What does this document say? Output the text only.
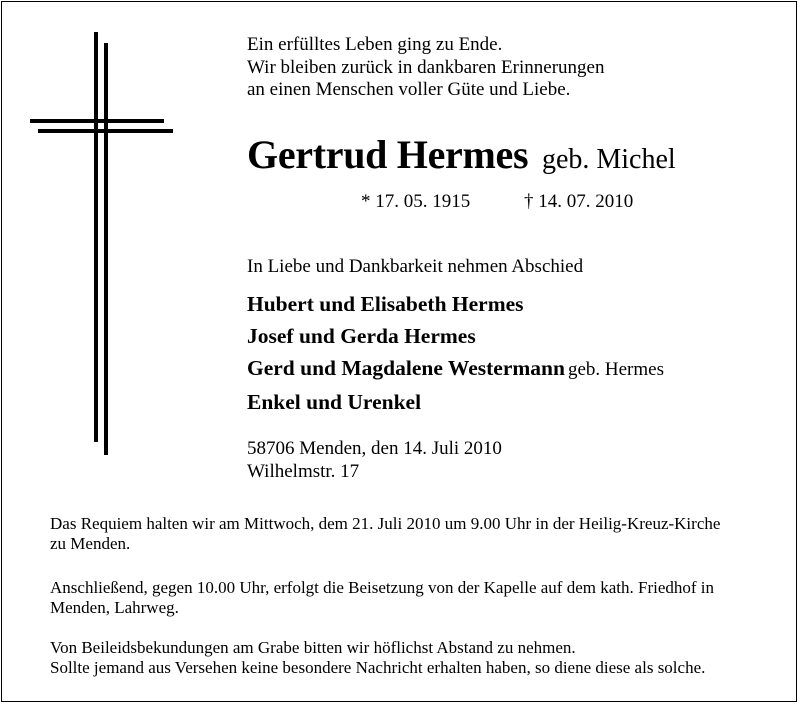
Ein erfülltes Leben ging zu Ende.
Wir bleiben zurück in dankbaren Erinnerungen
an einen Menschen voller Güte und Liebe.
Gertrud Hermes geb. Michel
* 17. 05. 1915	† 14. 07. 2010
In Liebe und Dankbarkeit nehmen Abschied
Hubert und Elisabeth Hermes
Josef und Gerda Hermes
Gerd und Magdalene Westermann geb. Hermes
Enkel und Urenkel
58706 Menden, den 14. Juli 2010
Wilhelmstr. 17
Das Requiem halten wir am Mittwoch, dem 21. Juli 2010 um 9.00 Uhr in der Heilig-Kreuz-Kirche
zu Menden.
Anschließend, gegen 10.00 Uhr, erfolgt die Beisetzung von der Kapelle auf dem kath. Friedhof in
Menden, Lahrweg.
Von Beileidsbekundungen am Grabe bitten wir höflichst Abstand zu nehmen.
Sollte jemand aus Versehen keine besondere Nachricht erhalten haben, so diene diese als solche.
